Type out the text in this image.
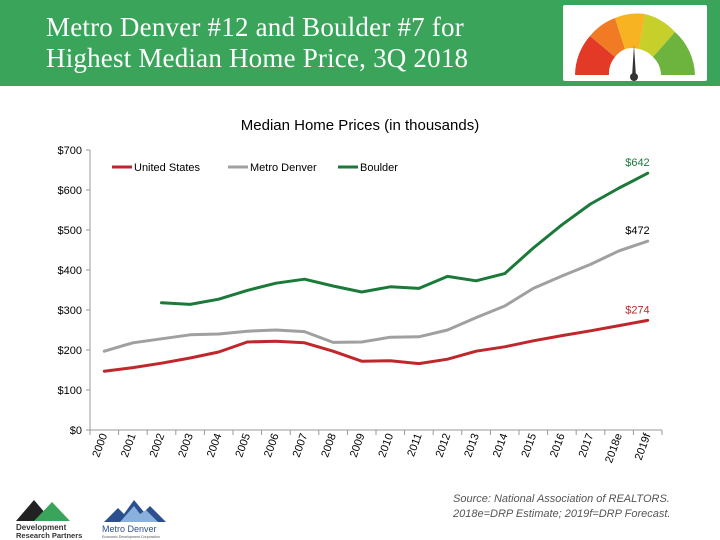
Metro Denver #12 and Boulder #7 for
Highest Median Home Price, 3Q 2018
Median Home Prices (in thousands)
$0
$100
$200
$300
$400
$500
$600
$700
2000 2001 2002 2003 2004 2005 2006 2007 2008 2009 2010 2011 2012 2013 2014 2015 2016 2017 2018e 2019f
$274
$472
$642
United States	Metro Denver	Boulder
Source: National Association of REALTORS.
2018e=DRP Estimate; 2019f=DRP Forecast.
Development
Research Partners
Metro Denver
Economic Development Corporation
